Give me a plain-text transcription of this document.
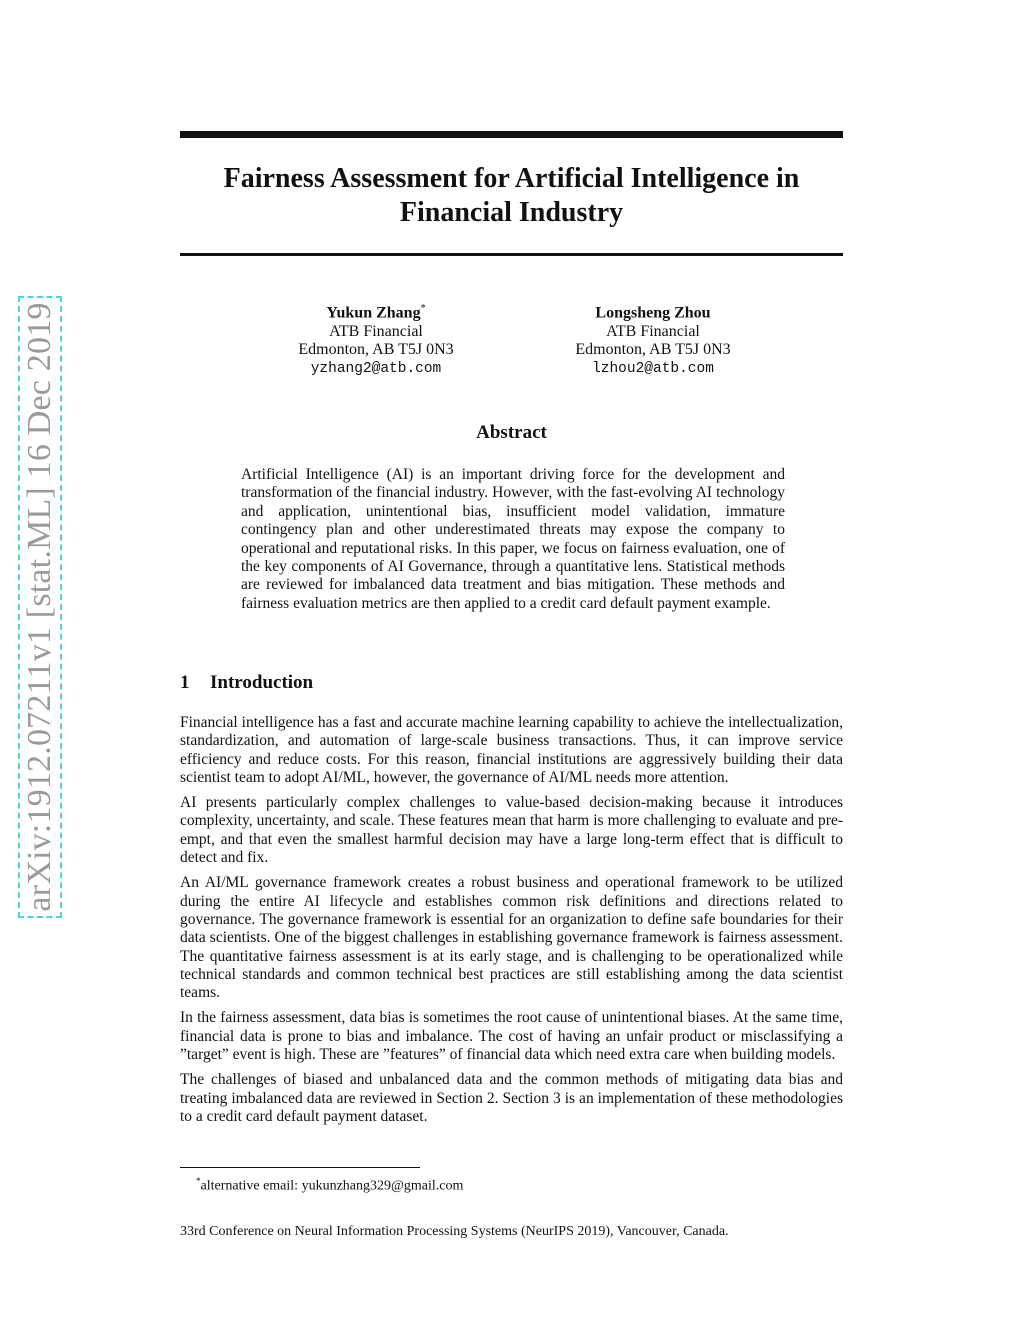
arXiv:1912.07211v1 [stat.ML] 16 Dec 2019
Fairness Assessment for Artificial Intelligence in Financial Industry
Yukun Zhang*
ATB Financial
Edmonton, AB T5J 0N3
yzhang2@atb.com
Longsheng Zhou
ATB Financial
Edmonton, AB T5J 0N3
lzhou2@atb.com
Abstract

Artificial Intelligence (AI) is an important driving force for the development and transformation of the financial industry. However, with the fast-evolving AI technology and application, unintentional bias, insufficient model validation, immature contingency plan and other underestimated threats may expose the company to operational and reputational risks. In this paper, we focus on fairness evaluation, one of the key components of AI Governance, through a quantitative lens. Statistical methods are reviewed for imbalanced data treatment and bias mitigation. These methods and fairness evaluation metrics are then applied to a credit card default payment example.

1 Introduction

Financial intelligence has a fast and accurate machine learning capability to achieve the intellectualization, standardization, and automation of large-scale business transactions. Thus, it can improve service efficiency and reduce costs. For this reason, financial institutions are aggressively building their data scientist team to adopt AI/ML, however, the governance of AI/ML needs more attention.

AI presents particularly complex challenges to value-based decision-making because it introduces complexity, uncertainty, and scale. These features mean that harm is more challenging to evaluate and pre-empt, and that even the smallest harmful decision may have a large long-term effect that is difficult to detect and fix.

An AI/ML governance framework creates a robust business and operational framework to be utilized during the entire AI lifecycle and establishes common risk definitions and directions related to governance. The governance framework is essential for an organization to define safe boundaries for their data scientists. One of the biggest challenges in establishing governance framework is fairness assessment. The quantitative fairness assessment is at its early stage, and is challenging to be operationalized while technical standards and common technical best practices are still establishing among the data scientist teams.

In the fairness assessment, data bias is sometimes the root cause of unintentional biases. At the same time, financial data is prone to bias and imbalance. The cost of having an unfair product or misclassifying a ”target” event is high. These are ”features” of financial data which need extra care when building models.

The challenges of biased and unbalanced data and the common methods of mitigating data bias and treating imbalanced data are reviewed in Section 2. Section 3 is an implementation of these methodologies to a credit card default payment dataset.

*alternative email: yukunzhang329@gmail.com
33rd Conference on Neural Information Processing Systems (NeurIPS 2019), Vancouver, Canada.
